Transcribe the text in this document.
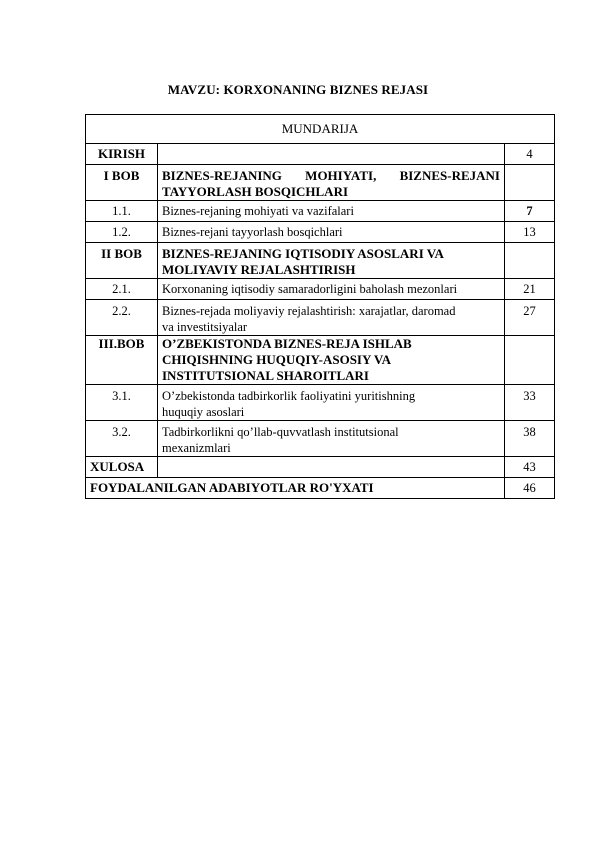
MAVZU: KORXONANING BIZNES REJASI
MUNDARIJA		
KIRISH		4
I BOB	BIZNES-REJANING MOHIYATI, BIZNES-REJANI
TAYYORLASH BOSQICHLARI	

1.1.	Biznes-rejaning mohiyati va vazifalari	7
1.2.	Biznes-rejani tayyorlash bosqichlari	13
II BOB	BIZNES-REJANING IQTISODIY ASOSLARI VA
MOLIYAVIY REJALASHTIRISH	

2.1.	Korxonaning iqtisodiy samaradorligini baholash mezonlari	21
2.2.	Biznes-rejada moliyaviy rejalashtirish: xarajatlar, daromad
va investitsiyalar	27
III.BOB	O’ZBEKISTONDA BIZNES-REJA ISHLAB
CHIQISHNING HUQUQIY-ASOSIY VA
INSTITUTSIONAL SHAROITLARI	

3.1.	O’zbekistonda tadbirkorlik faoliyatini yuritishning
huquqiy asoslari	33
3.2.	Tadbirkorlikni qo’llab-quvvatlash institutsional
mexanizmlari	38
XULOSA		43
FOYDALANILGAN ADABIYOTLAR RO'YXATI		46
